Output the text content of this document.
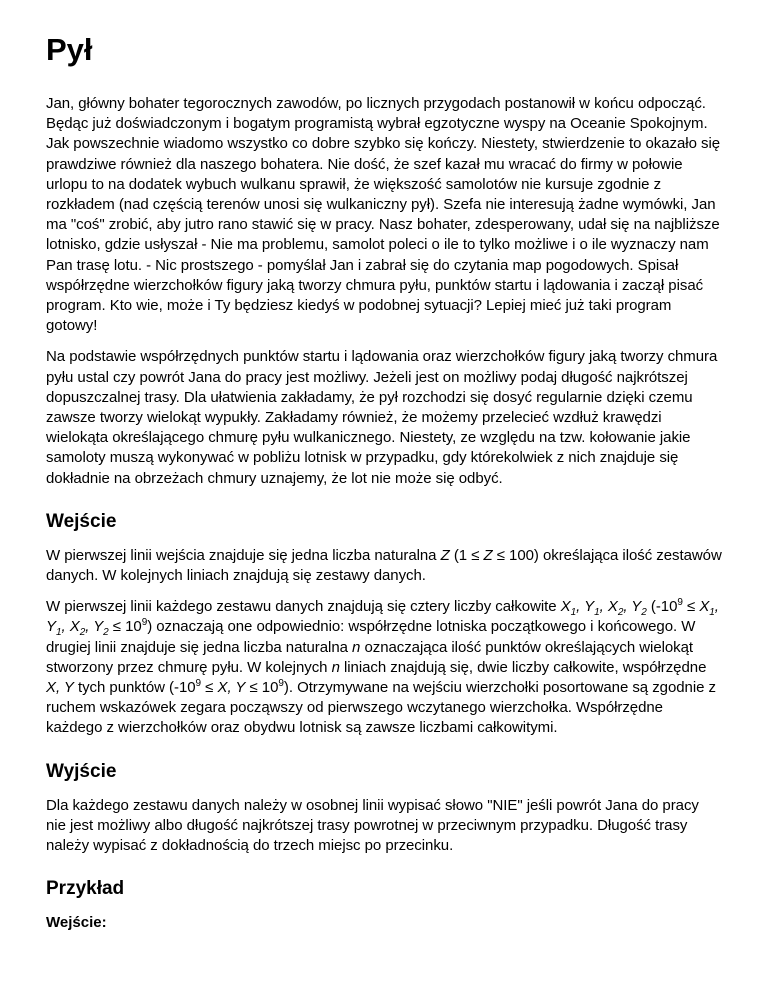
Pył

Jan, główny bohater tegorocznych zawodów, po licznych przygodach postanowił w końcu odpocząć. Będąc już doświadczonym i bogatym programistą wybrał egzotyczne wyspy na Oceanie Spokojnym. Jak powszechnie wiadomo wszystko co dobre szybko się kończy. Niestety, stwierdzenie to okazało się prawdziwe również dla naszego bohatera. Nie dość, że szef kazał mu wracać do firmy w połowie urlopu to na dodatek wybuch wulkanu sprawił, że większość samolotów nie kursuje zgodnie z rozkładem (nad częścią terenów unosi się wulkaniczny pył). Szefa nie interesują żadne wymówki, Jan ma "coś" zrobić, aby jutro rano stawić się w pracy. Nasz bohater, zdesperowany, udał się na najbliższe lotnisko, gdzie usłyszał - Nie ma problemu, samolot poleci o ile to tylko możliwe i o ile wyznaczy nam Pan trasę lotu. - Nic prostszego - pomyślał Jan i zabrał się do czytania map pogodowych. Spisał współrzędne wierzchołków figury jaką tworzy chmura pyłu, punktów startu i lądowania i zaczął pisać program. Kto wie, może i Ty będziesz kiedyś w podobnej sytuacji? Lepiej mieć już taki program gotowy!

Na podstawie współrzędnych punktów startu i lądowania oraz wierzchołków figury jaką tworzy chmura pyłu ustal czy powrót Jana do pracy jest możliwy. Jeżeli jest on możliwy podaj długość najkrótszej dopuszczalnej trasy. Dla ułatwienia zakładamy, że pył rozchodzi się dosyć regularnie dzięki czemu zawsze tworzy wielokąt wypukły. Zakładamy również, że możemy przelecieć wzdłuż krawędzi wielokąta określającego chmurę pyłu wulkanicznego. Niestety, ze względu na tzw. kołowanie jakie samoloty muszą wykonywać w pobliżu lotnisk w przypadku, gdy którekolwiek z nich znajduje się dokładnie na obrzeżach chmury uznajemy, że lot nie może się odbyć.

Wejście

W pierwszej linii wejścia znajduje się jedna liczba naturalna Z (1 ≤ Z ≤ 100) określająca ilość zestawów danych. W kolejnych liniach znajdują się zestawy danych.

W pierwszej linii każdego zestawu danych znajdują się cztery liczby całkowite $X_1$, $Y_1$, $X_2$, $Y_2$ ($-10^9 \le X_1$, $Y_1$, $X_2$, $Y_2 \le 10^9$) oznaczają one odpowiednio: współrzędne lotniska początkowego i końcowego. W drugiej linii znajduje się jedna liczba naturalna n oznaczająca ilość punktów określających wielokąt stworzony przez chmurę pyłu. W kolejnych n liniach znajdują się, dwie liczby całkowite, współrzędne X, Y tych punktów ($-10^9 \le X$, $Y \le 10^9$). Otrzymywane na wejściu wierzchołki posortowane są zgodnie z ruchem wskazówek zegara począwszy od pierwszego wczytanego wierzchołka. Współrzędne każdego z wierzchołków oraz obydwu lotnisk są zawsze liczbami całkowitymi.

Wyjście

Dla każdego zestawu danych należy w osobnej linii wypisać słowo "NIE" jeśli powrót Jana do pracy nie jest możliwy albo długość najkrótszej trasy powrotnej w przeciwnym przypadku. Długość trasy należy wypisać z dokładnością do trzech miejsc po przecinku.

Przykład
Wejście:
